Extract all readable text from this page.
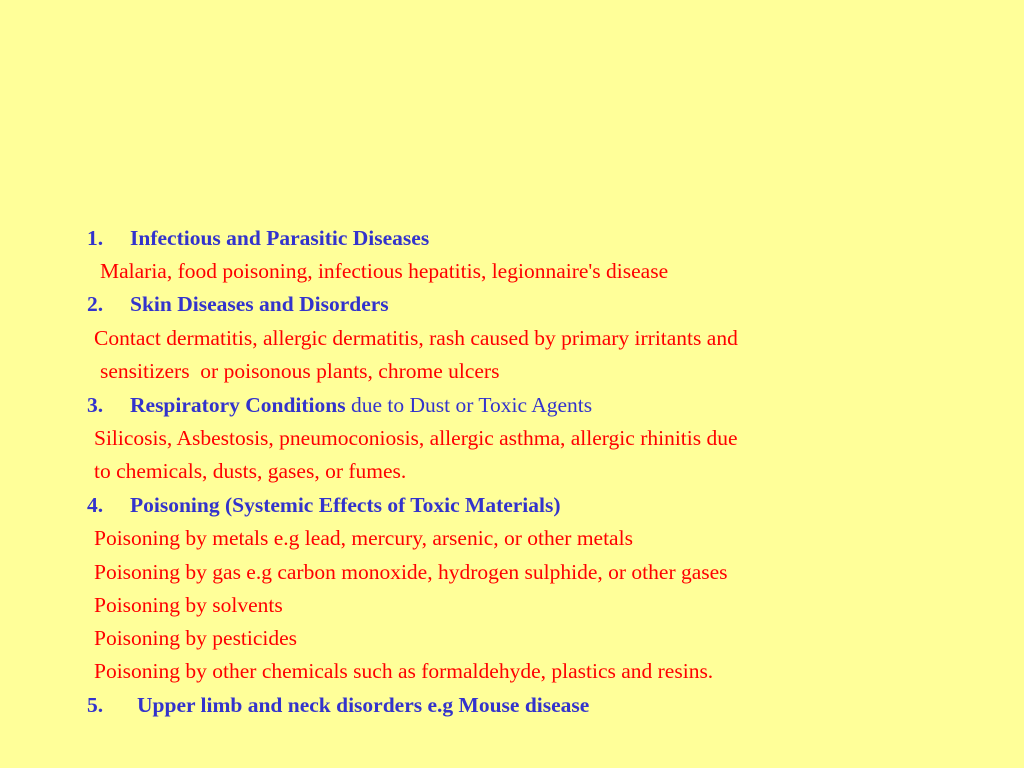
1. Infectious and Parasitic Diseases
Malaria, food poisoning, infectious hepatitis, legionnaire's disease
2. Skin Diseases and Disorders
Contact dermatitis, allergic dermatitis, rash caused by primary irritants and
sensitizers  or poisonous plants, chrome ulcers
3. Respiratory Conditions due to Dust or Toxic Agents
Silicosis, Asbestosis, pneumoconiosis, allergic asthma, allergic rhinitis due
to chemicals, dusts, gases, or fumes.
4. Poisoning (Systemic Effects of Toxic Materials)
Poisoning by metals e.g lead, mercury, arsenic, or other metals
Poisoning by gas e.g carbon monoxide, hydrogen sulphide, or other gases
Poisoning by solvents
Poisoning by pesticides
Poisoning by other chemicals such as formaldehyde, plastics and resins.
5. Upper limb and neck disorders e.g Mouse disease
